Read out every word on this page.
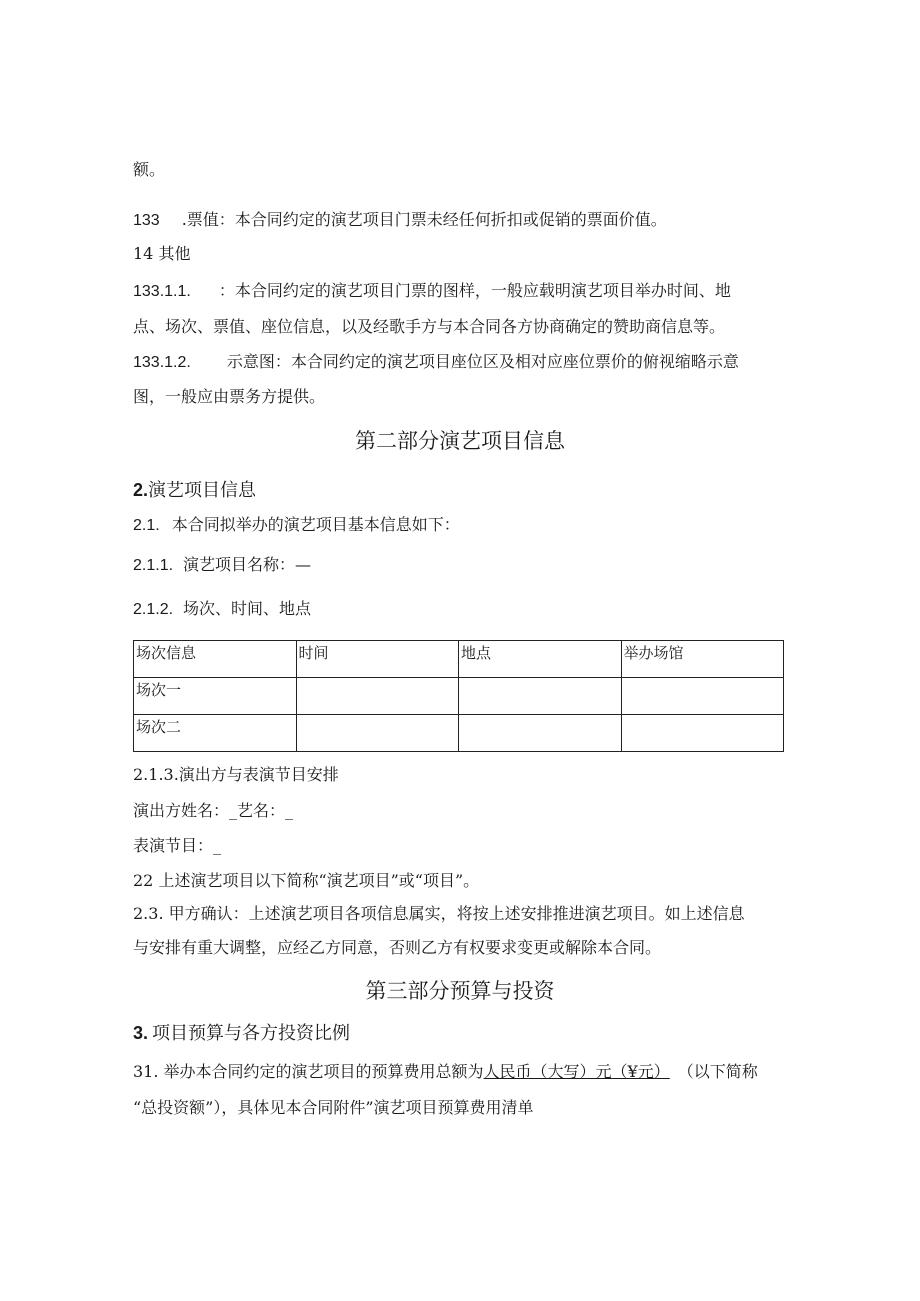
额。
133 .票值：本合同约定的演艺项目门票未经任何折扣或促销的票面价值。
14 其他
133.1.1. ：本合同约定的演艺项目门票的图样，一般应载明演艺项目举办时间、地
点、场次、票值、座位信息，以及经歌手方与本合同各方协商确定的赞助商信息等。
133.1.2. 示意图：本合同约定的演艺项目座位区及相对应座位票价的俯视缩略示意
图，一般应由票务方提供。
第二部分演艺项目信息
2.演艺项目信息
2.1. 本合同拟举办的演艺项目基本信息如下：
2.1.1. 演艺项目名称：—
2.1.2. 场次、时间、地点
场次信息	时间	地点	举办场馆
场次一			
场次二			
2.1.3.演出方与表演节目安排
演出方姓名：_艺名：_
表演节目：_
22 上述演艺项目以下简称“演艺项目”或“项目”。
2.3. 甲方确认：上述演艺项目各项信息属实，将按上述安排推进演艺项目。如上述信息
与安排有重大调整，应经乙方同意，否则乙方有权要求变更或解除本合同。
第三部分预算与投资
3. 项目预算与各方投资比例
31. 举办本合同约定的演艺项目的预算费用总额为人民币（大写）元（¥元） （以下简称
“总投资额”），具体见本合同附件”演艺项目预算费用清单
